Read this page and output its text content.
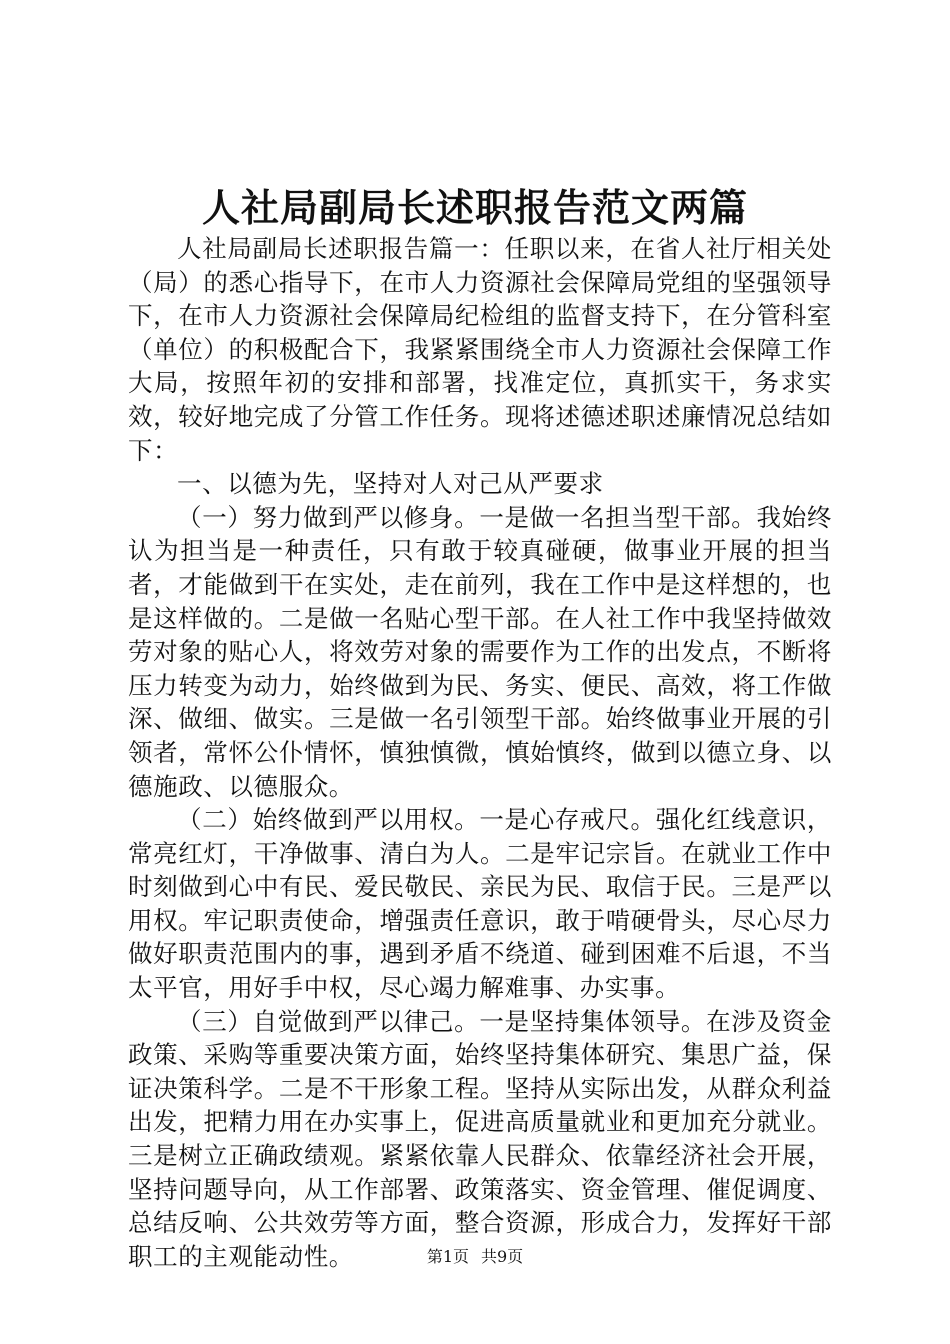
人社局副局长述职报告范文两篇

人社局副局长述职报告篇一：任职以来，在省人社厅相关处（局）的悉心指导下，在市人力资源社会保障局党组的坚强领导下，在市人力资源社会保障局纪检组的监督支持下，在分管科室（单位）的积极配合下，我紧紧围绕全市人力资源社会保障工作大局，按照年初的安排和部署，找准定位，真抓实干，务求实效，较好地完成了分管工作任务。现将述德述职述廉情况总结如下：

一、以德为先，坚持对人对己从严要求

（一）努力做到严以修身。一是做一名担当型干部。我始终认为担当是一种责任，只有敢于较真碰硬，做事业开展的担当者，才能做到干在实处，走在前列，我在工作中是这样想的，也是这样做的。二是做一名贴心型干部。在人社工作中我坚持做效劳对象的贴心人，将效劳对象的需要作为工作的出发点，不断将压力转变为动力，始终做到为民、务实、便民、高效，将工作做深、做细、做实。三是做一名引领型干部。始终做事业开展的引领者，常怀公仆情怀，慎独慎微，慎始慎终，做到以德立身、以德施政、以德服众。

（二）始终做到严以用权。一是心存戒尺。强化红线意识，常亮红灯，干净做事、清白为人。二是牢记宗旨。在就业工作中时刻做到心中有民、爱民敬民、亲民为民、取信于民。三是严以用权。牢记职责使命，增强责任意识，敢于啃硬骨头，尽心尽力做好职责范围内的事，遇到矛盾不绕道、碰到困难不后退，不当太平官，用好手中权，尽心竭力解难事、办实事。

（三）自觉做到严以律己。一是坚持集体领导。在涉及资金政策、采购等重要决策方面，始终坚持集体研究、集思广益，保证决策科学。二是不干形象工程。坚持从实际出发，从群众利益出发，把精力用在办实事上，促进高质量就业和更加充分就业。三是树立正确政绩观。紧紧依靠人民群众、依靠经济社会开展，坚持问题导向，从工作部署、政策落实、资金管理、催促调度、总结反响、公共效劳等方面，整合资源，形成合力，发挥好干部职工的主观能动性。	第1页 共9页
